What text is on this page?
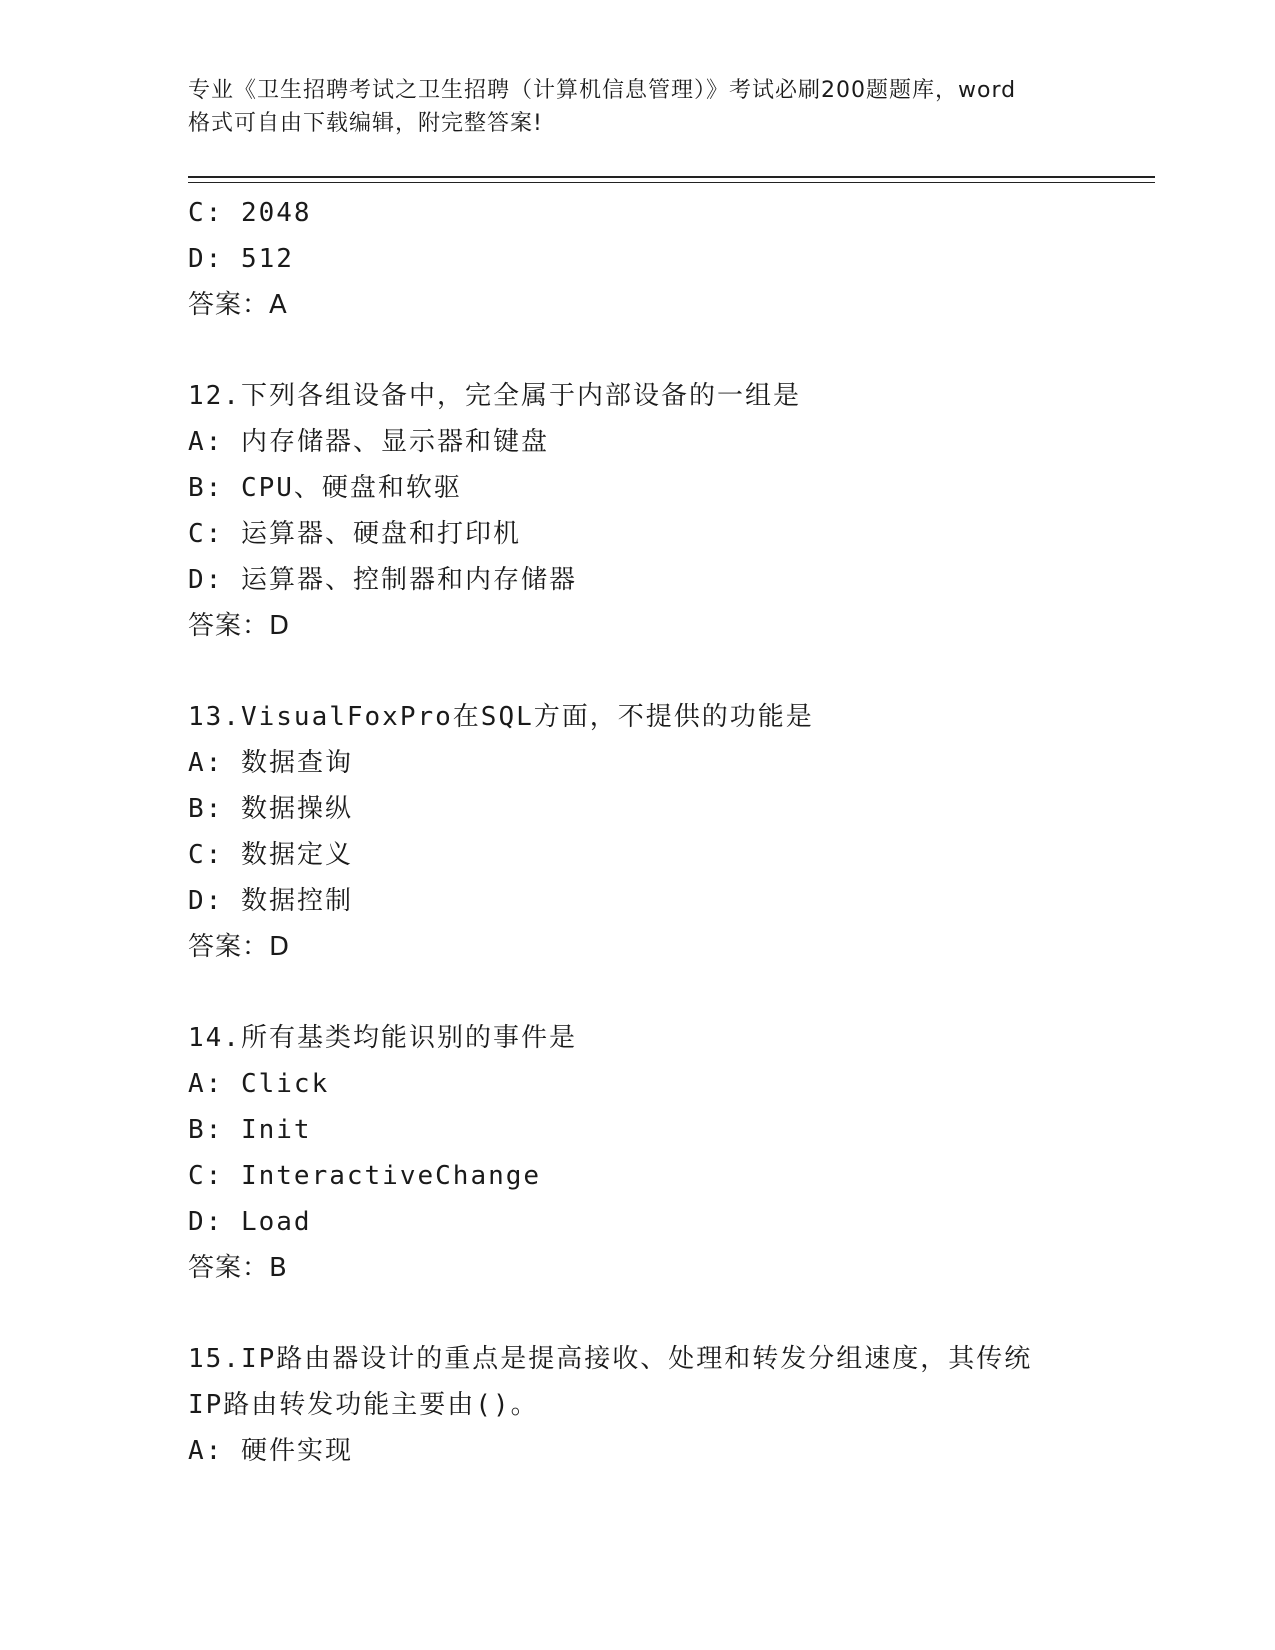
专业《卫生招聘考试之卫生招聘（计算机信息管理）》考试必刷200题题库，word
格式可自由下载编辑，附完整答案!
C: 2048
D: 512
答案：A
12.下列各组设备中，完全属于内部设备的一组是
A: 内存储器、显示器和键盘
B: CPU、硬盘和软驱
C: 运算器、硬盘和打印机
D: 运算器、控制器和内存储器
答案：D
13.VisualFoxPro在SQL方面，不提供的功能是
A: 数据查询
B: 数据操纵
C: 数据定义
D: 数据控制
答案：D
14.所有基类均能识别的事件是
A: Click
B: Init
C: InteractiveChange
D: Load
答案：B
15.IP路由器设计的重点是提高接收、处理和转发分组速度，其传统
IP路由转发功能主要由()。
A: 硬件实现
